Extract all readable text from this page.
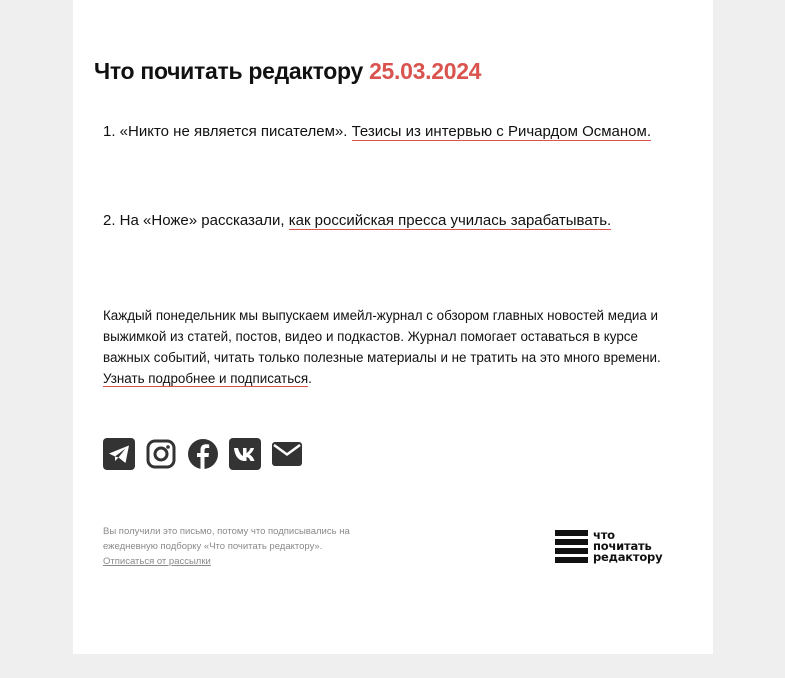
Что почитать редактору 25.03.2024
1. «Никто не является писателем». Тезисы из интервью с Ричардом Османом.
2. На «Ноже» рассказали, как российская пресса училась зарабатывать.
Каждый понедельник мы выпускаем имейл-журнал с обзором главных новостей медиа и выжимкой из статей, постов, видео и подкастов. Журнал помогает оставаться в курсе важных событий, читать только полезные материалы и не тратить на это много времени. Узнать подробнее и подписаться.
Вы получили это письмо, потому что подписывались на ежедневную подборку «Что почитать редактору».
Отписаться от рассылки
что
почитать
редактору
